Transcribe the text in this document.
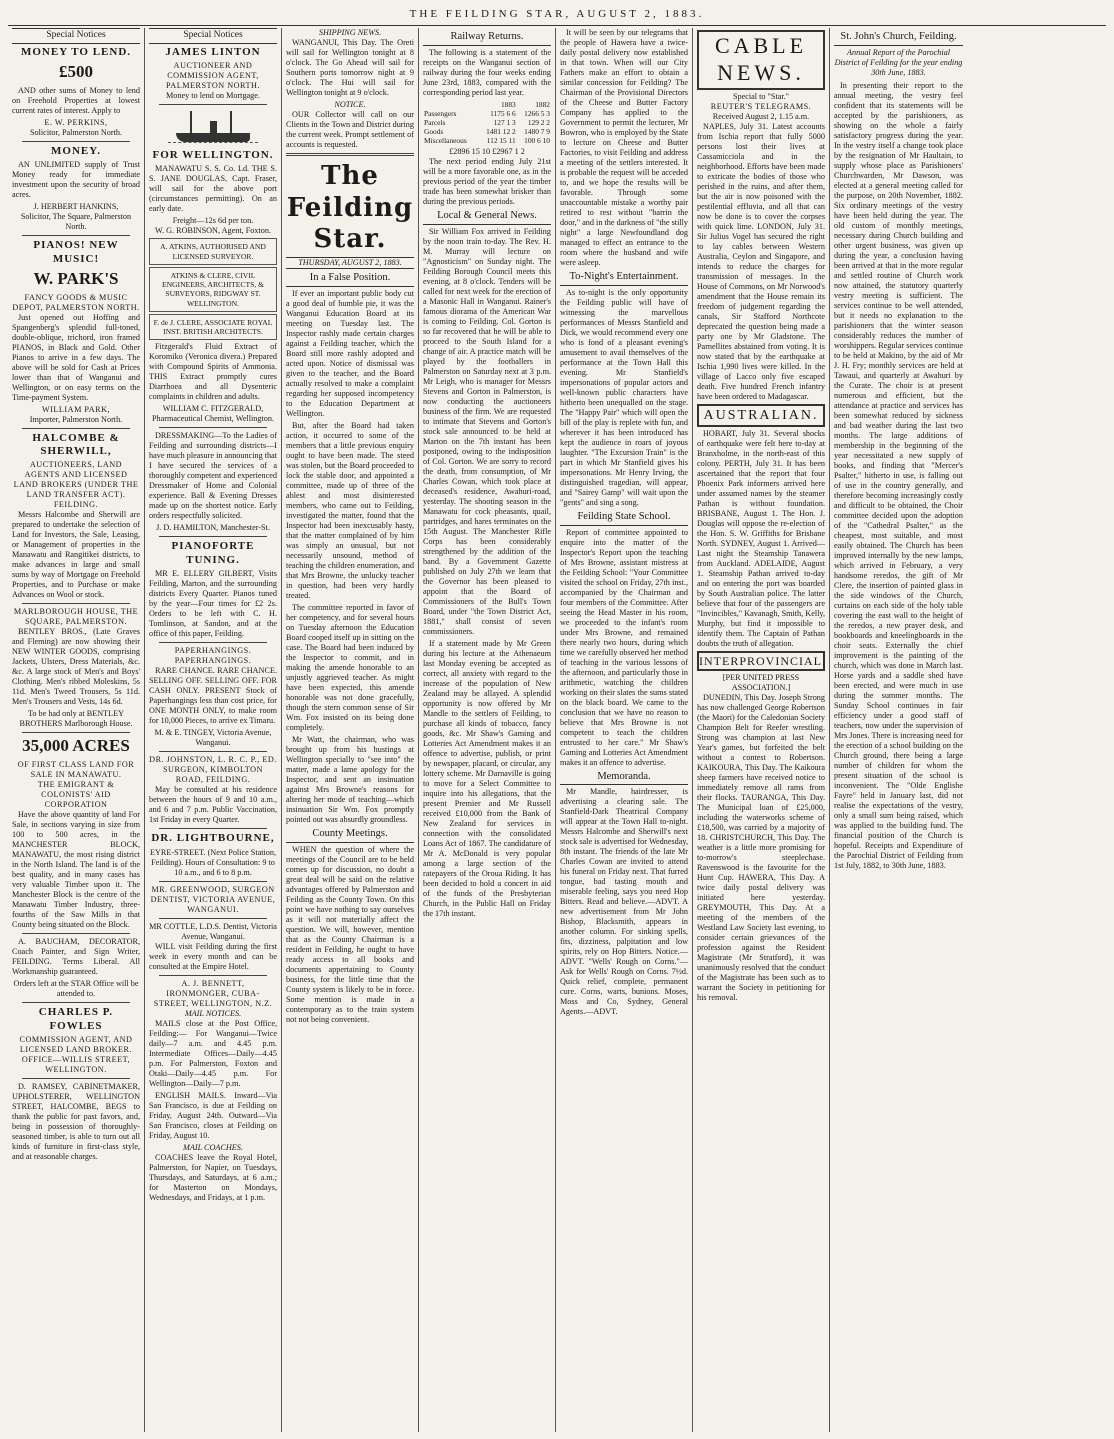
THE FEILDING STAR, AUGUST 2, 1883.
Special Notices
MONEY TO LEND.
£500

AND other sums of Money to lend on Freehold Properties at lowest current rates of interest. Apply to

E. W. PERKINS,
Solicitor, Palmerston North.
MONEY.

AN UNLIMITED supply of Trust Money ready for immediate investment upon the security of broad acres.

J. HERBERT HANKINS,
Solicitor, The Square, Palmerston North.
PIANOS! NEW MUSIC!
W. PARK'S
FANCY GOODS & MUSIC DEPOT, PALMERSTON NORTH.

Just opened out Hoffing and Spangenberg's splendid full-toned, double-oblique, trichord, iron framed PIANOS, in Black and Gold. Other Pianos to arrive in a few days. The above will be sold for Cash at Prices lower than that of Wanganui and Wellington, or on easy terms on the Time-payment System.

WILLIAM PARK,
Importer, Palmerston North.
HALCOMBE & SHERWILL,
AUCTIONEERS, LAND AGENTS AND LICENSED LAND BROKERS (UNDER THE LAND TRANSFER ACT). FEILDING.

Messrs Halcombe and Sherwill are prepared to undertake the selection of Land for Investors, the Sale, Leasing, or Management of properties in the Manawatu and Rangitikei districts, to make advances in large and small sums by way of Mortgage on Freehold Properties, and to Purchase or make Advances on Wool or stock.

MARLBOROUGH HOUSE, THE SQUARE, PALMERSTON.

BENTLEY BROS., (Late Graves and Fleming) are now showing their NEW WINTER GOODS, comprising Jackets, Ulsters, Dress Materials, &c. &c. A large stock of Men's and Boys' Clothing. Men's ribbed Moleskins, 5s 11d. Men's Tweed Trousers, 5s 11d. Men's Trousers and Vests, 14s 6d.

To be had only at BENTLEY BROTHERS Marlborough House.
35,000 ACRES
OF FIRST CLASS LAND FOR SALE IN MANAWATU.
THE EMIGRANT & COLONISTS' AID CORPORATION

Have the above quantity of land For Sale, in sections varying in size from 100 to 500 acres, in the MANCHESTER BLOCK, MANAWATU, the most rising district in the North Island. The land is of the best quality, and in many cases has very valuable Timber upon it. The Manchester Block is the centre of the Manawatu Timber Industry, three-fourths of the Saw Mills in that County being situated on the Block.

A. BAUCHAM, DECORATOR, Coach Painter, and Sign Writer, FEILDING. Terms Liberal. All Workmanship guaranteed.

Orders left at the STAR Office will be attended to.
CHARLES P. FOWLES
COMMISSION AGENT, AND LICENSED LAND BROKER. OFFICE—WILLIS STREET, WELLINGTON.

D. RAMSEY, CABINETMAKER, UPHOLSTERER, WELLINGTON STREET, HALCOMBE, BEGS to thank the public for past favors, and, being in possession of thoroughly-seasoned timber, is able to turn out all kinds of furniture in first-class style, and at reasonable charges.

Special Notices
JAMES LINTON
AUCTIONEER AND COMMISSION AGENT, PALMERSTON NORTH.
Money to lend on Mortgage.
FOR WELLINGTON.

MANAWATU S. S. Co. Ld. THE S. S. JANE DOUGLAS, Capt. Fraser, will sail for the above port (circumstances permitting). On an early date.

Freight—12s 6d per ton.
W. G. ROBINSON, Agent, Foxton.
A. ATKINS, AUTHORISED AND LICENSED SURVEYOR.
ATKINS & CLERE, CIVIL ENGINEERS, ARCHITECTS, & SURVEYORS, RIDGWAY ST. WELLINGTON.
F. de J. CLERE, ASSOCIATE ROYAL INST. BRITISH ARCHITECTS.

Fitzgerald's Fluid Extract of Koromiko (Veronica divera.) Prepared with Compound Spirits of Ammonia. THIS Extract promptly cures Diarrhoea and all Dysenteric complaints in children and adults.

WILLIAM C. FITZGERALD, Pharmaceutical Chemist, Wellington.

DRESSMAKING—To the Ladies of Feilding and surrounding districts—I have much pleasure in announcing that I have secured the services of a thoroughly competent and experienced Dressmaker of Home and Colonial experience. Ball & Evening Dresses made up on the shortest notice. Early orders respectfully solicited.

J. D. HAMILTON, Manchester-St.
PIANOFORTE TUNING.

MR E. ELLERY GILBERT, Visits Feilding, Marton, and the surrounding districts Every Quarter. Pianos tuned by the year—Four times for £2 2s. Orders to be left with C. H. Tomlinson, at Sandon, and at the office of this paper, Feilding.

PAPERHANGINGS. PAPERHANGINGS.

RARE CHANCE. RARE CHANCE. SELLING OFF. SELLING OFF. FOR CASH ONLY. PRESENT Stock of Paperhangings less than cost price, for ONE MONTH ONLY, to make room for 10,000 Pieces, to arrive ex Timaru.

M. & E. TINGEY, Victoria Avenue, Wanganui.
DR. JOHNSTON, L. R. C. P., ED. SURGEON, KIMBOLTON ROAD, FEILDING.

May be consulted at his residence between the hours of 9 and 10 a.m., and 6 and 7 p.m. Public Vaccination, 1st Friday in every Quarter.

DR. LIGHTBOURNE,
EYRE-STREET. (Next Police Station, Feilding). Hours of Consultation: 9 to 10 a.m., and 6 to 8 p.m.
MR. GREENWOOD, SURGEON DENTIST, VICTORIA AVENUE, WANGANUI.
MR COTTLE, L.D.S. Dentist, Victoria Avenue, Wanganui.

WILL visit Feilding during the first week in every month and can be consulted at the Empire Hotel.

A. J. BENNETT, IRONMONGER, CUBA-STREET, WELLINGTON, N.Z.
MAIL NOTICES.

MAILS close at the Post Office, Feilding:— For Wanganui—Twice daily—7 a.m. and 4.45 p.m. Intermediate Offices—Daily—4.45 p.m. For Palmerston, Foxton and Otaki—Daily—4.45 p.m. For Wellington—Daily—7 p.m.

ENGLISH MAILS. Inward—Via San Francisco, is due at Feilding on Friday, August 24th. Outward—Via San Francisco, closes at Feilding on Friday, August 10.

MAIL COACHES.

COACHES leave the Royal Hotel, Palmerston, for Napier, on Tuesdays, Thursdays, and Saturdays, at 6 a.m.; for Masterton on Mondays, Wednesdays, and Fridays, at 1 p.m.

SHIPPING NEWS.

WANGANUI, This Day. The Oreti will sail for Wellington tonight at 8 o'clock. The Go Ahead will sail for Southern ports tomorrow night at 9 o'clock. The Hui will sail for Wellington tonight at 9 o'clock.

NOTICE.

OUR Collector will call on our Clients in the Town and District during the current week. Prompt settlement of accounts is requested.

The Feilding Star.
THURSDAY, AUGUST 2, 1883.
In a False Position.

If ever an important public body cut a good deal of humble pie, it was the Wanganui Education Board at its meeting on Tuesday last. The Inspector rashly made certain charges against a Feilding teacher, which the Board still more rashly adopted and acted upon. Notice of dismissal was given to the teacher, and the Board actually resolved to make a complaint regarding her supposed incompetency to the Education Department at Wellington.

But, after the Board had taken action, it occurred to some of the members that a little previous enquiry ought to have been made. The steed was stolen, but the Board proceeded to lock the stable door, and appointed a committee, made up of three of the ablest and most disinterested members, who came out to Feilding, investigated the matter, found that the Inspector had been inexcusably hasty, that the matter complained of by him was simply an unusual, but not necessarily unsound, method of teaching the children enumeration, and that Mrs Browne, the unlucky teacher in question, had been very hardly treated.

The committee reported in favor of her competency, and for several hours on Tuesday afternoon the Education Board cooped itself up in sitting on the case. The Board had been induced by the Inspector to commit, and in making the amende honorable to an unjustly aggrieved teacher. As might have been expected, this amende honorable was not done gracefully, though the stern common sense of Sir Wm. Fox insisted on its being done completely.

Mr Watt, the chairman, who was brought up from his hustings at Wellington specially to "see into" the matter, made a lame apology for the Inspector, and sent an insinuation against Mrs Browne's reasons for altering her mode of teaching—which insinuation Sir Wm. Fox promptly pointed out was absurdly groundless.

County Meetings.

WHEN the question of where the meetings of the Council are to be held comes up for discussion, no doubt a great deal will be said on the relative advantages offered by Palmerston and Feilding as the County Town. On this point we have nothing to say ourselves as it will not materially affect the question. We will, however, mention that as the County Chairman is a resident in Feilding, he ought to have ready access to all books and documents appertaining to County business, for the little time that the County system is likely to be in force. Some mention is made in a contemporary as to the train system not not being convenient.

Railway Returns.

The following is a statement of the receipts on the Wanganui section of railway during the four weeks ending June 23rd, 1883, compared with the corresponding period last year.

	1883	1882
Passengers	1175 6 6	1266 5 3
Parcels	127 1 3	129 2 2
Goods	1481 12 2	1480 7 9
Miscellaneous	112 15 11	100 6 10
£2896 15 10 £2967 1 2

The next period ending July 21st will be a more favorable one, as in the previous period of the year the timber trade has been somewhat brisker than during the previous periods.

Local & General News.

Sir William Fox arrived in Feilding by the noon train to-day. The Rev. H. M. Murray will lecture on "Agnosticism" on Sunday night. The Feilding Borough Council meets this evening, at 8 o'clock. Tenders will be called for next week for the erection of a Masonic Hall in Wanganui. Rainer's famous diorama of the American War is coming to Feilding. Col. Gorton is so far recovered that he will be able to proceed to the South Island for a change of air. A practice match will be played by the footballers in Palmerston on Saturday next at 3 p.m. Mr Leigh, who is manager for Messrs Stevens and Gorton in Palmerston, is now conducting the auctioneers business of the firm. We are requested to intimate that Stevens and Gorton's stock sale announced to be held at Marton on the 7th instant has been postponed, owing to the indisposition of Col. Gorton. We are sorry to record the death, from consumption, of Mr Charles Cowan, which took place at deceased's residence, Awahuri-road, yesterday. The shooting season in the Manawatu for cock pheasants, quail, partridges, and hares terminates on the 15th August. The Manchester Rifle Corps has been considerably strengthened by the addition of the band. By a Government Gazette published on July 27th we learn that the Governor has been pleased to appoint that the Board of Commissioners of the Bull's Town Board, under "the Town District Act, 1881," shall consist of seven commissioners.

If a statement made by Mr Green during his lecture at the Athenaeum last Monday evening be accepted as correct, all anxiety with regard to the increase of the population of New Zealand may be allayed. A splendid opportunity is now offered by Mr Mandle to the settlers of Feilding, to purchase all kinds of tobacco, fancy goods, &c. Mr Shaw's Gaming and Lotteries Act Amendment makes it an offence to advertise, publish, or print by newspaper, placard, or circular, any lottery scheme. Mr Darnaville is going to move for a Select Committee to inquire into his allegations, that the present Premier and Mr Russell received £10,000 from the Bank of New Zealand for services in connection with the consolidated Loans Act of 1867. The candidature of Mr A. McDonald is very popular among a large section of the ratepayers of the Oroua Riding. It has been decided to hold a concert in aid of the funds of the Presbyterian Church, in the Public Hall on Friday the 17th instant.

It will be seen by our telegrams that the people of Hawera have a twice-daily postal delivery now established in that town. When will our City Fathers make an effort to obtain a similar concession for Feilding? The Chairman of the Provisional Directors of the Cheese and Butter Factory Company has applied to the Government to permit the lecturer, Mr Bowron, who is employed by the State to lecture on Cheese and Butter Factories, to visit Feilding and address a meeting of the settlers interested. It is probable the request will be acceded to, and we hope the results will be favorable. Through some unaccountable mistake a worthy pair retired to rest without "barrin the door," and in the darkness of "the stilly night" a large Newfoundland dog managed to effect an entrance to the room where the husband and wife were asleep.

To-Night's Entertainment.

As to-night is the only opportunity the Feilding public will have of witnessing the marvellous performances of Messrs Stanfield and Dick, we would recommend every one who is fond of a pleasant evening's amusement to avail themselves of the performance at the Town Hall this evening. Mr Stanfield's impersonations of popular actors and well-known public characters have hitherto been unequalled on the stage. The "Happy Pair" which will open the bill of the play is replete with fun, and wherever it has been introduced has kept the audience in roars of joyous laughter. "The Excursion Train" is the part in which Mr Stanfield gives his impersonations. Mr Henry Irving, the distinguished tragedian, will appear, and "Sairey Gamp" will wait upon the "gents" and sing a song.

Feilding State School.

Report of committee appointed to enquire into the matter of the Inspector's Report upon the teaching of Mrs Browne, assistant mistress at the Feilding School: "Your Committee visited the school on Friday, 27th inst., accompanied by the Chairman and four members of the Committee. After seeing the Head Master in his room, we proceeded to the infant's room under Mrs Browne, and remained there nearly two hours, during which time we carefully observed her method of teaching in the various lessons of the afternoon, and particularly those in arithmetic, watching the children working on their slates the sums stated on the black board. We came to the conclusion that we have no reason to believe that Mrs Browne is not competent to teach the children entrusted to her care." Mr Shaw's Gaming and Lotteries Act Amendment makes it an offence to advertise.

Memoranda.

Mr Mandle, hairdresser, is advertising a clearing sale. The Stanfield-Dark Theatrical Company will appear at the Town Hall to-night. Messrs Halcombe and Sherwill's next stock sale is advertised for Wednesday, 8th instant. The friends of the late Mr Charles Cowan are invited to attend his funeral on Friday next. That furred tongue, bad tasting mouth and miserable feeling, says you need Hop Bitters. Read and believe.—ADVT. A new advertisement from Mr John Bishop, Blacksmith, appears in another column. For sinking spells, fits, dizziness, palpitation and low spirits, rely on Hop Bitters. Notice.—ADVT. "Wells' Rough on Corns."—Ask for Wells' Rough on Corns. 7½d. Quick relief, complete, permanent cure. Corns, warts, bunions. Moses, Moss and Co, Sydney, General Agents.—ADVT.

CABLE NEWS.
Special to "Star."
REUTER'S TELEGRAMS.
Received August 2, 1.15 a.m.

NAPLES, July 31. Latest accounts from Ischia report that fully 5000 persons lost their lives at Cassamicciola and in the neighborhood. Efforts have been made to extricate the bodies of those who perished in the ruins, and after them, but the air is now poisoned with the pestilential effluvia, and all that can now be done is to cover the corpses with quick lime. LONDON, July 31. Sir Julius Vogel has secured the right to lay cables between Western Australia, Ceylon and Singapore, and intends to reduce the charges for transmission of messages. In the House of Commons, on Mr Norwood's amendment that the House remain its freedom of judgement regarding the canals, Sir Stafford Northcote deprecated the question being made a party one by Mr Gladstone. The Parnellites abstained from voting. It is now stated that by the earthquake at Ischia 1,990 lives were killed. In the village of Lacco only five escaped death. Five hundred French infantry have been ordered to Madagascar.

AUSTRALIAN.

HOBART, July 31. Several shocks of earthquake were felt here to-day at Branxholme, in the north-east of this colony. PERTH, July 31. It has been ascertained that the report that four Phoenix Park informers arrived here under assumed names by the steamer Pathan is without foundation. BRISBANE, August 1. The Hon. J. Douglas will oppose the re-election of the Hon. S. W. Griffiths for Brisbane North. SYDNEY, August 1. Arrived—Last night the Steamship Tanawera from Auckland. ADELAIDE, August 1. Steamship Pathan arrived to-day and on entering the port was boarded by South Australian police. The latter believe that four of the passengers are "Invincibles," Kavanagh, Smith, Kelly, Murphy, but find it impossible to identify them. The Captain of Pathan doubts the truth of allegation.

INTERPROVINCIAL.
[PER UNITED PRESS ASSOCIATION.]

DUNEDIN, This Day. Joseph Strong has now challenged George Robertson (the Maori) for the Caledonian Society Champion Belt for Reefer wrestling. Strong was champion at last New Year's games, but forfeited the belt without a contest to Robertson. KAIKOURA, This Day. The Kaikoura sheep farmers have received notice to immediately remove all rams from their flocks. TAURANGA, This Day. The Municipal loan of £25,000, including the waterworks scheme of £18,500, was carried by a majority of 18. CHRISTCHURCH, This Day. The weather is a little more promising for to-morrow's steeplechase. Ravenswood is the favourite for the Hunt Cup. HAWERA, This Day. A twice daily postal delivery was initiated here yesterday. GREYMOUTH, This Day. At a meeting of the members of the Westland Law Society last evening, to consider certain grievances of the profession against the Resident Magistrate (Mr Stratford), it was unanimously resolved that the conduct of the Magistrate has been such as to warrant the Society in petitioning for his removal.

St. John's Church, Feilding.
Annual Report of the Parochial District of Feilding for the year ending 30th June, 1883.

In presenting their report to the annual meeting, the vestry feel confident that its statements will be accepted by the parishioners, as showing on the whole a fairly satisfactory progress during the year. In the vestry itself a change took place by the resignation of Mr Haultain, to supply whose place as Parishioners' Churchwarden, Mr Dawson, was elected at a general meeting called for the purpose, on 20th November, 1882. Six ordinary meetings of the vestry have been held during the year. The old custom of monthly meetings, necessary during Church building and other urgent business, was given up during the year, a conclusion having been arrived at that in the more regular and settled routine of Church work now attained, the statutory quarterly vestry meeting is sufficient. The services continue to be well attended, but it needs no explanation to the parishioners that the winter season considerably reduces the number of worshippers. Regular services continue to be held at Makino, by the aid of Mr J. H. Fry; monthly services are held at Tawaui, and quarterly at Awahuri by the Curate. The choir is at present numerous and efficient, but the attendance at practice and services has been somewhat reduced by sickness and bad weather during the last two months. The large additions of membership in the beginning of the year necessitated a new supply of books, and finding that "Mercer's Psalter," hitherto in use, is falling out of use in the country generally, and therefore becoming increasingly costly and difficult to be obtained, the Choir committee decided upon the adoption of the "Cathedral Psalter," as the cheapest, most suitable, and most easily obtained. The Church has been improved internally by the new lamps, which arrived in February, a very handsome reredos, the gift of Mr Clere, the insertion of painted glass in the side windows of the Church, curtains on each side of the holy table covering the east wall to the height of the reredos, a new prayer desk, and bookboards and kneelingboards in the choir seats. Externally the chief improvement is the painting of the church, which was done in March last. Horse yards and a saddle shed have been erected, and were much in use during the summer months. The Sunday School continues in fair efficiency under a good staff of teachers, now under the supervision of Mrs Jones. There is increasing need for the erection of a school building on the Church ground, there being a large number of children for whom the present situation of the school is inconvenient. The "Olde Englishe Fayre" held in January last, did not realise the expectations of the vestry, only a small sum being raised, which was applied to the building fund. The financial position of the Church is hopeful. Receipts and Expenditure of the Parochial District of Feilding from 1st July, 1882, to 30th June, 1883.
